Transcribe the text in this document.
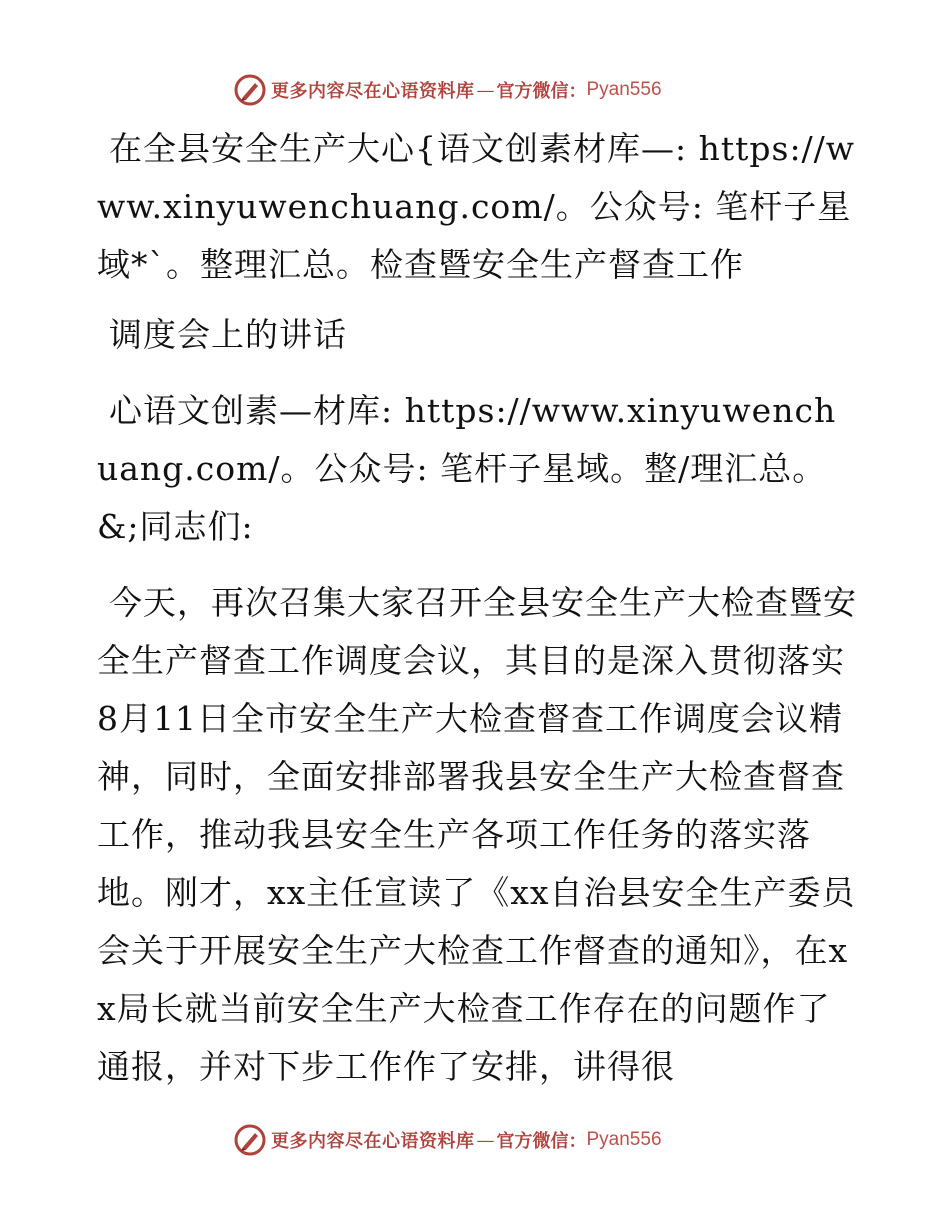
更多内容尽在心语资料库 — 官方微信： Pyan556

在全县安全生产大心{语文创素材库—: https://www.xinyuwenchuang.com/。公众号: 笔杆子星域*`。整理汇总。检查暨安全生产督查工作

调度会上的讲话

心语文创素—材库: https://www.xinyuwenchuang.com/。公众号: 笔杆子星域。整/理汇总。&;同志们:

今天，再次召集大家召开全县安全生产大检查暨安全生产督查工作调度会议，其目的是深入贯彻落实8月11日全市安全生产大检查督查工作调度会议精神，同时，全面安排部署我县安全生产大检查督查工作，推动我县安全生产各项工作任务的落实落地。刚才，xx主任宣读了《xx自治县安全生产委员会关于开展安全生产大检查工作督查的通知》，在xx局长就当前安全生产大检查工作存在的问题作了通报，并对下步工作作了安排，讲得很

更多内容尽在心语资料库 — 官方微信： Pyan556
